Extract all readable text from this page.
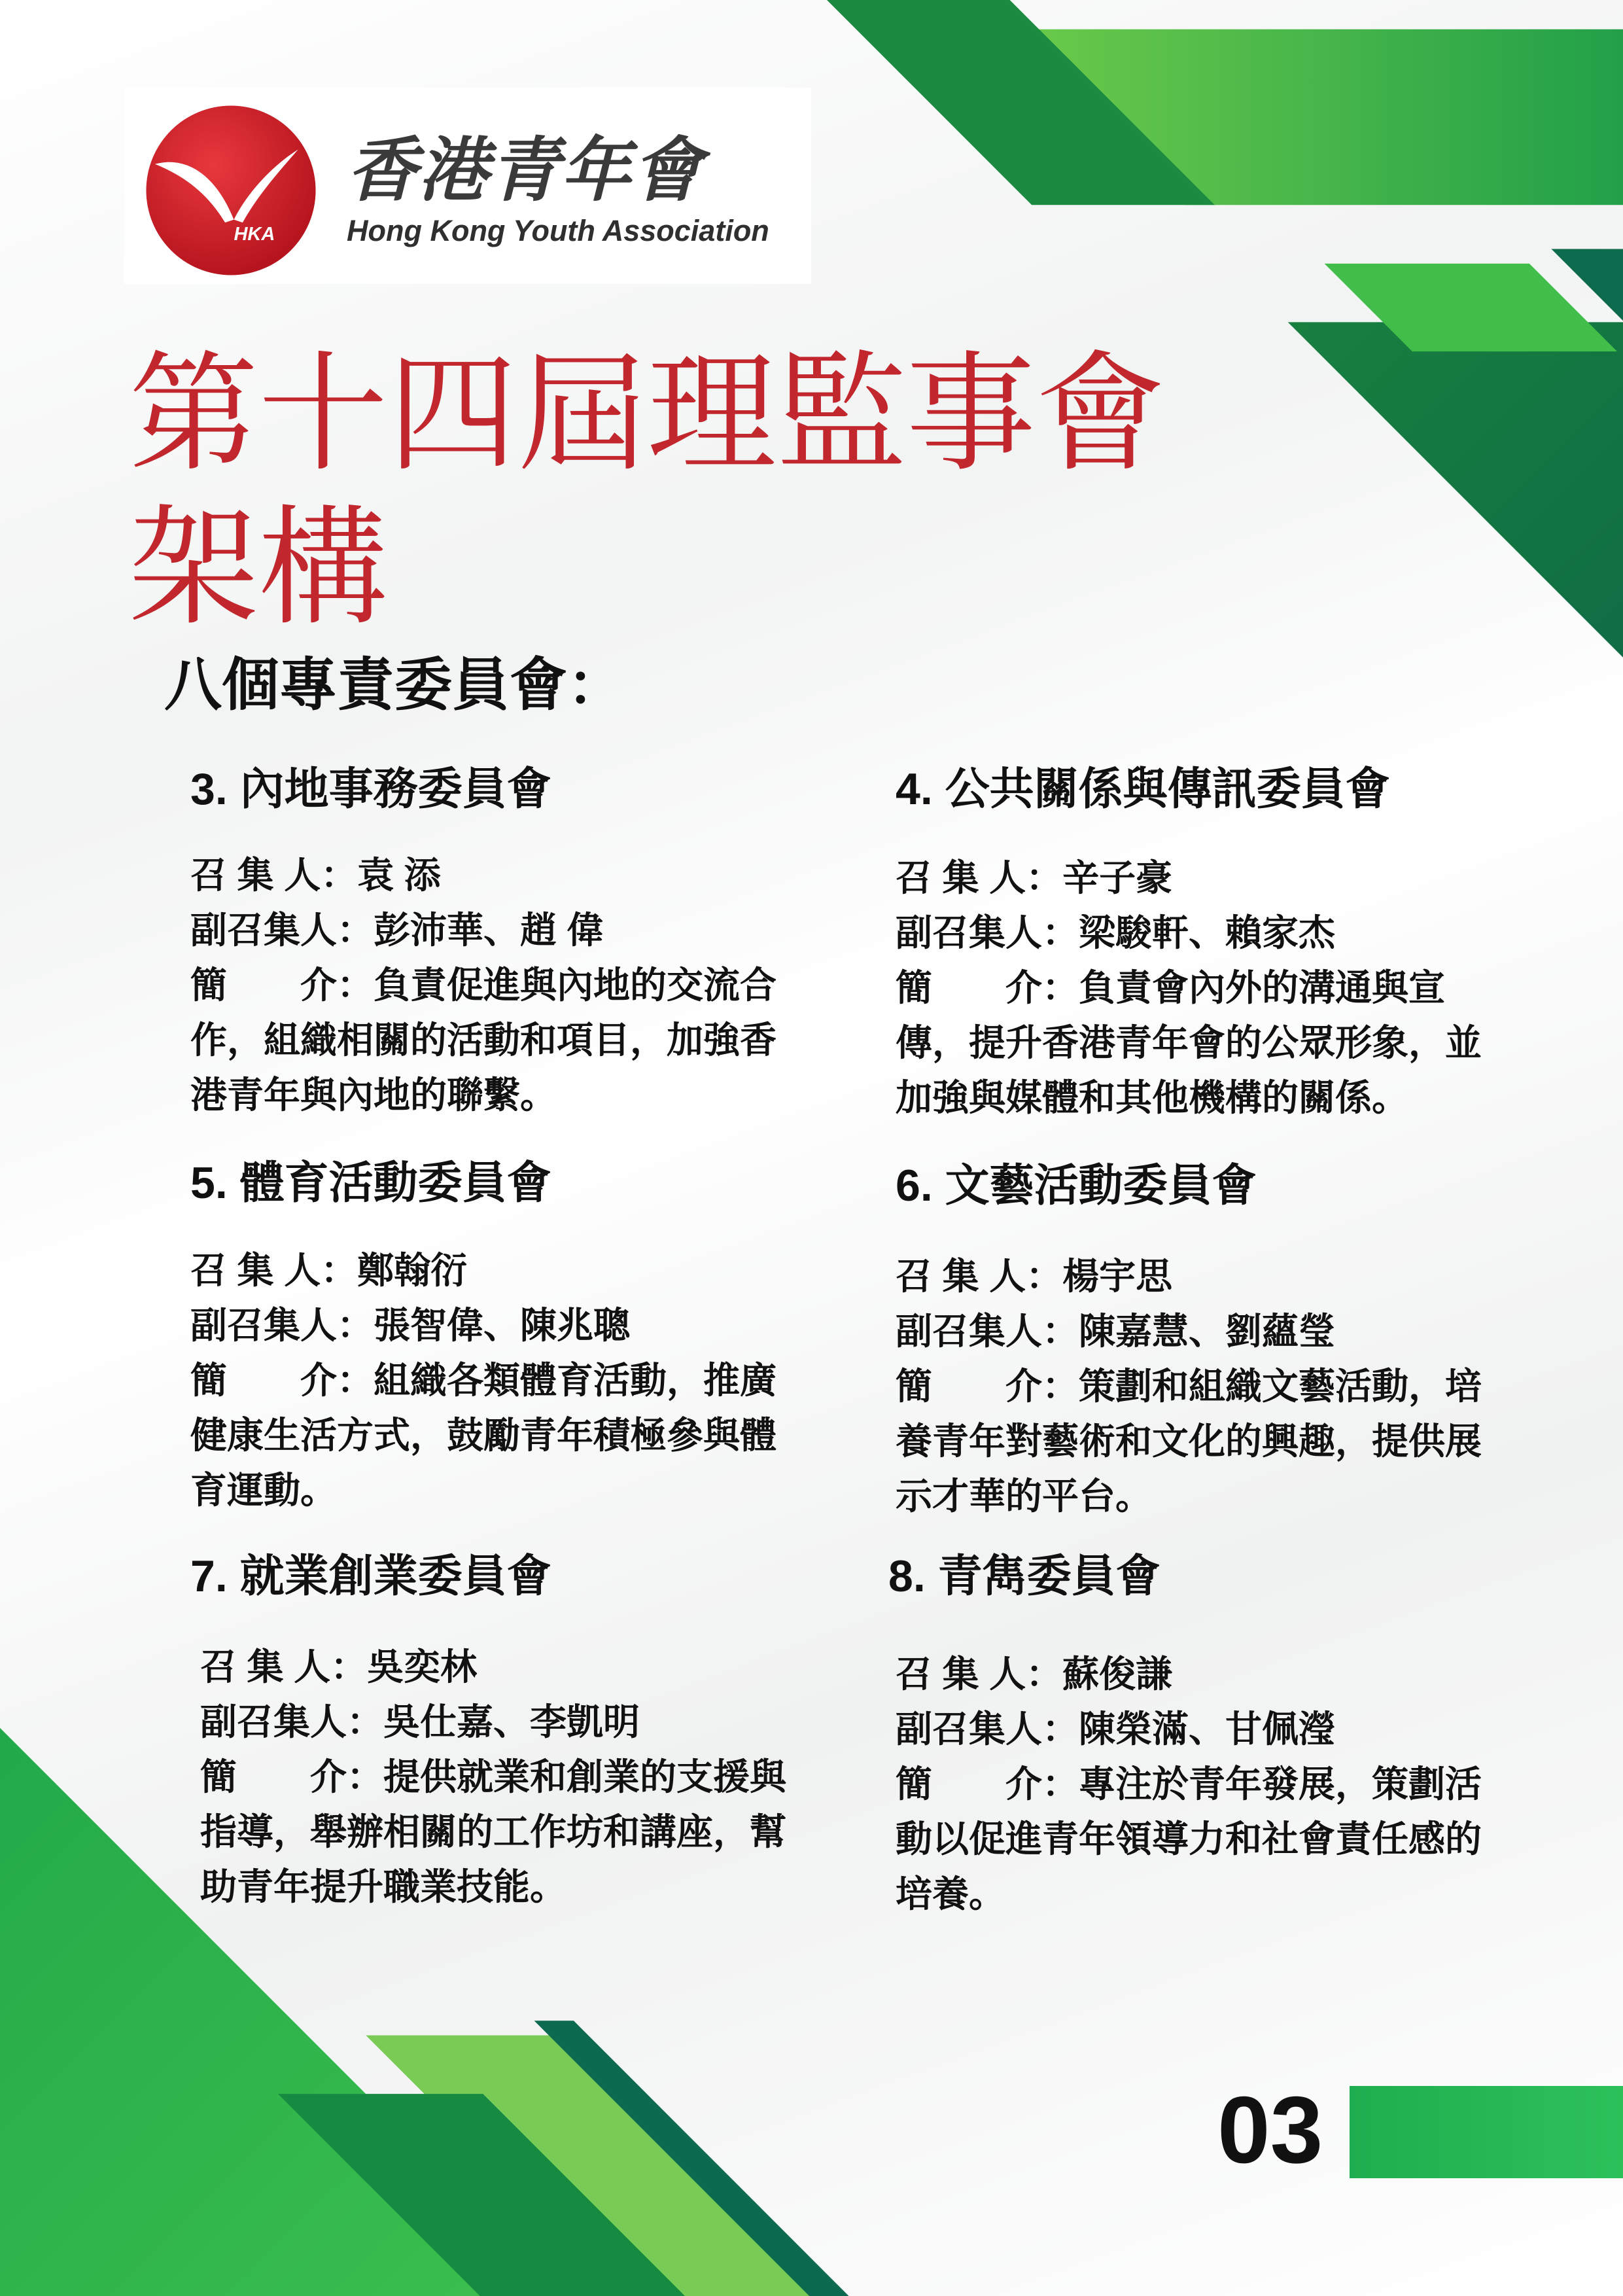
HKA
香港青年會
Hong Kong Youth Association
第十四屆理監事會
架構
八個專責委員會：
3. 內地事務委員會
召 集 人：袁 添
副召集人：彭沛華、趙 偉
簡　　介：負責促進與內地的交流合
作，組織相關的活動和項目，加強香
港青年與內地的聯繫。
4. 公共關係與傳訊委員會
召 集 人：辛子豪
副召集人：梁駿軒、賴家杰
簡　　介：負責會內外的溝通與宣
傳，提升香港青年會的公眾形象，並
加強與媒體和其他機構的關係。
5. 體育活動委員會
召 集 人：鄭翰衍
副召集人：張智偉、陳兆聰
簡　　介：組織各類體育活動，推廣
健康生活方式，鼓勵青年積極參與體
育運動。
6. 文藝活動委員會
召 集 人：楊宇思
副召集人：陳嘉慧、劉蘊瑩
簡　　介：策劃和組織文藝活動，培
養青年對藝術和文化的興趣，提供展
示才華的平台。
7. 就業創業委員會
召 集 人：吳奕林
副召集人：吳仕嘉、李凱明
簡　　介：提供就業和創業的支援與
指導，舉辦相關的工作坊和講座，幫
助青年提升職業技能。
8. 青雋委員會
召 集 人：蘇俊謙
副召集人：陳榮滿、甘佩瀅
簡　　介：專注於青年發展，策劃活
動以促進青年領導力和社會責任感的
培養。
03
